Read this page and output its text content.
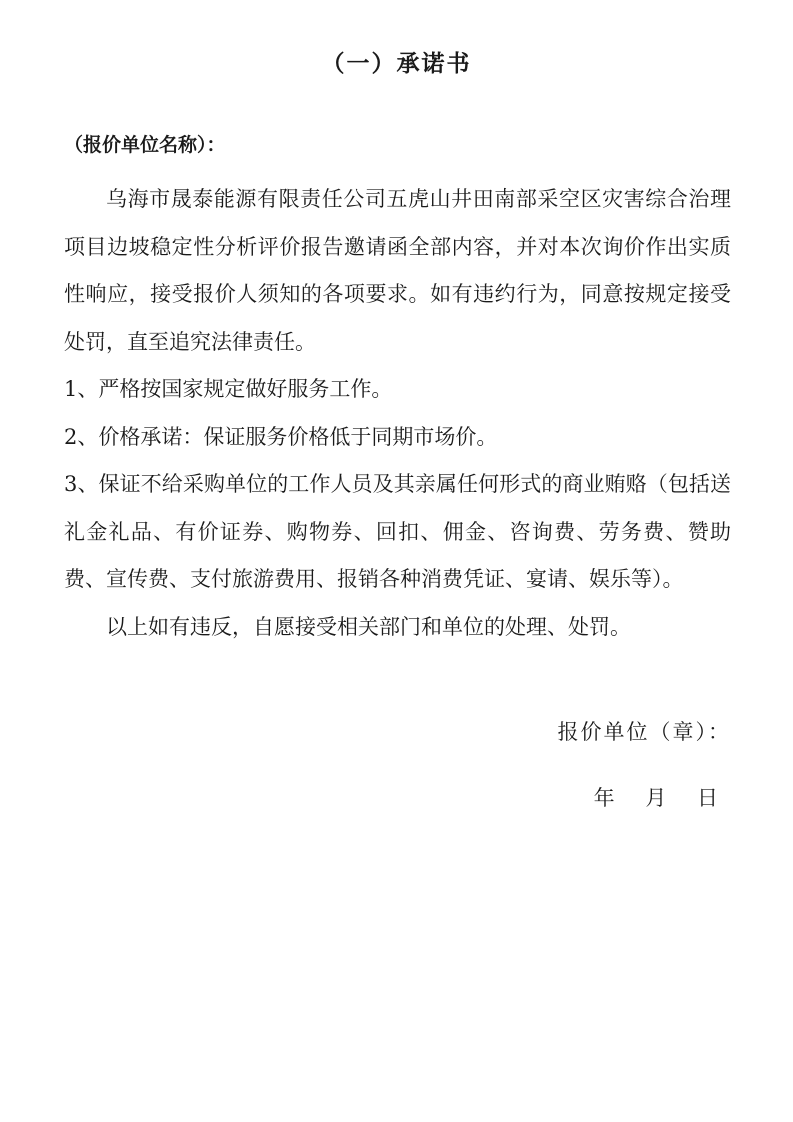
（一）承诺书

（报价单位名称）：

乌海市晟泰能源有限责任公司五虎山井田南部采空区灾害综合治理项目边坡稳定性分析评价报告邀请函全部内容，并对本次询价作出实质性响应，接受报价人须知的各项要求。如有违约行为，同意按规定接受处罚，直至追究法律责任。

1、严格按国家规定做好服务工作。

2、价格承诺：保证服务价格低于同期市场价。

3、保证不给采购单位的工作人员及其亲属任何形式的商业贿赂（包括送礼金礼品、有价证券、购物券、回扣、佣金、咨询费、劳务费、赞助费、宣传费、支付旅游费用、报销各种消费凭证、宴请、娱乐等）。

以上如有违反，自愿接受相关部门和单位的处理、处罚。

报价单位（章）：

年　 月　 日
